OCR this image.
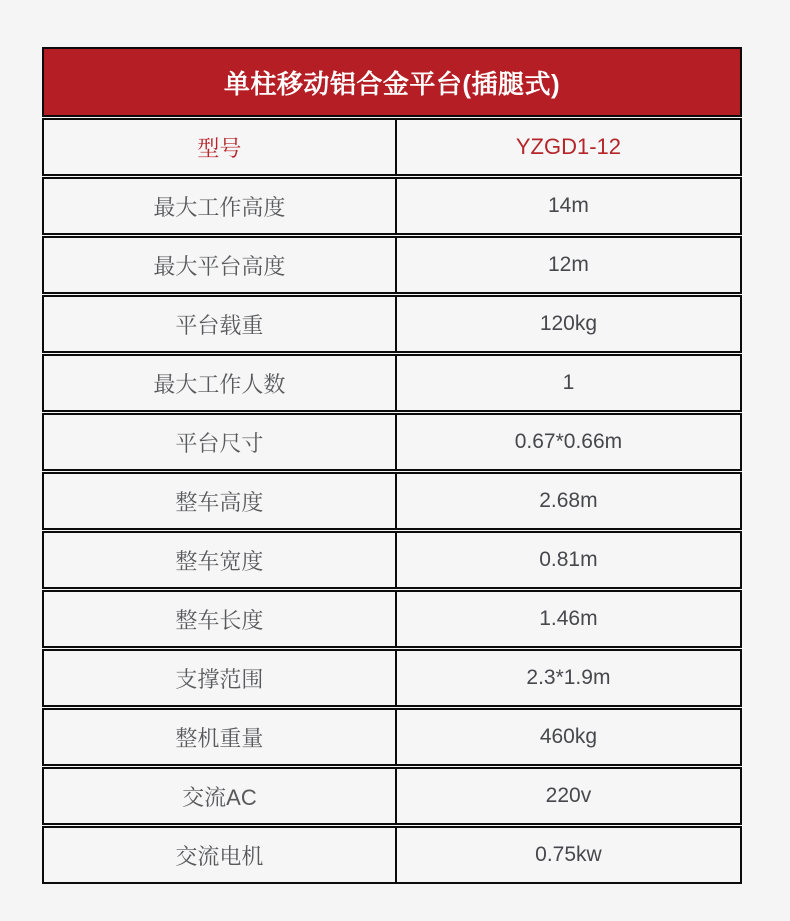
单柱移动铝合金平台(插腿式)
型号	YZGD1-12
最大工作高度	14m
最大平台高度	12m
平台载重	120kg
最大工作人数	1
平台尺寸	0.67*0.66m
整车高度	2.68m
整车宽度	0.81m
整车长度	1.46m
支撑范围	2.3*1.9m
整机重量	460kg
交流AC	220v
交流电机	0.75kw
